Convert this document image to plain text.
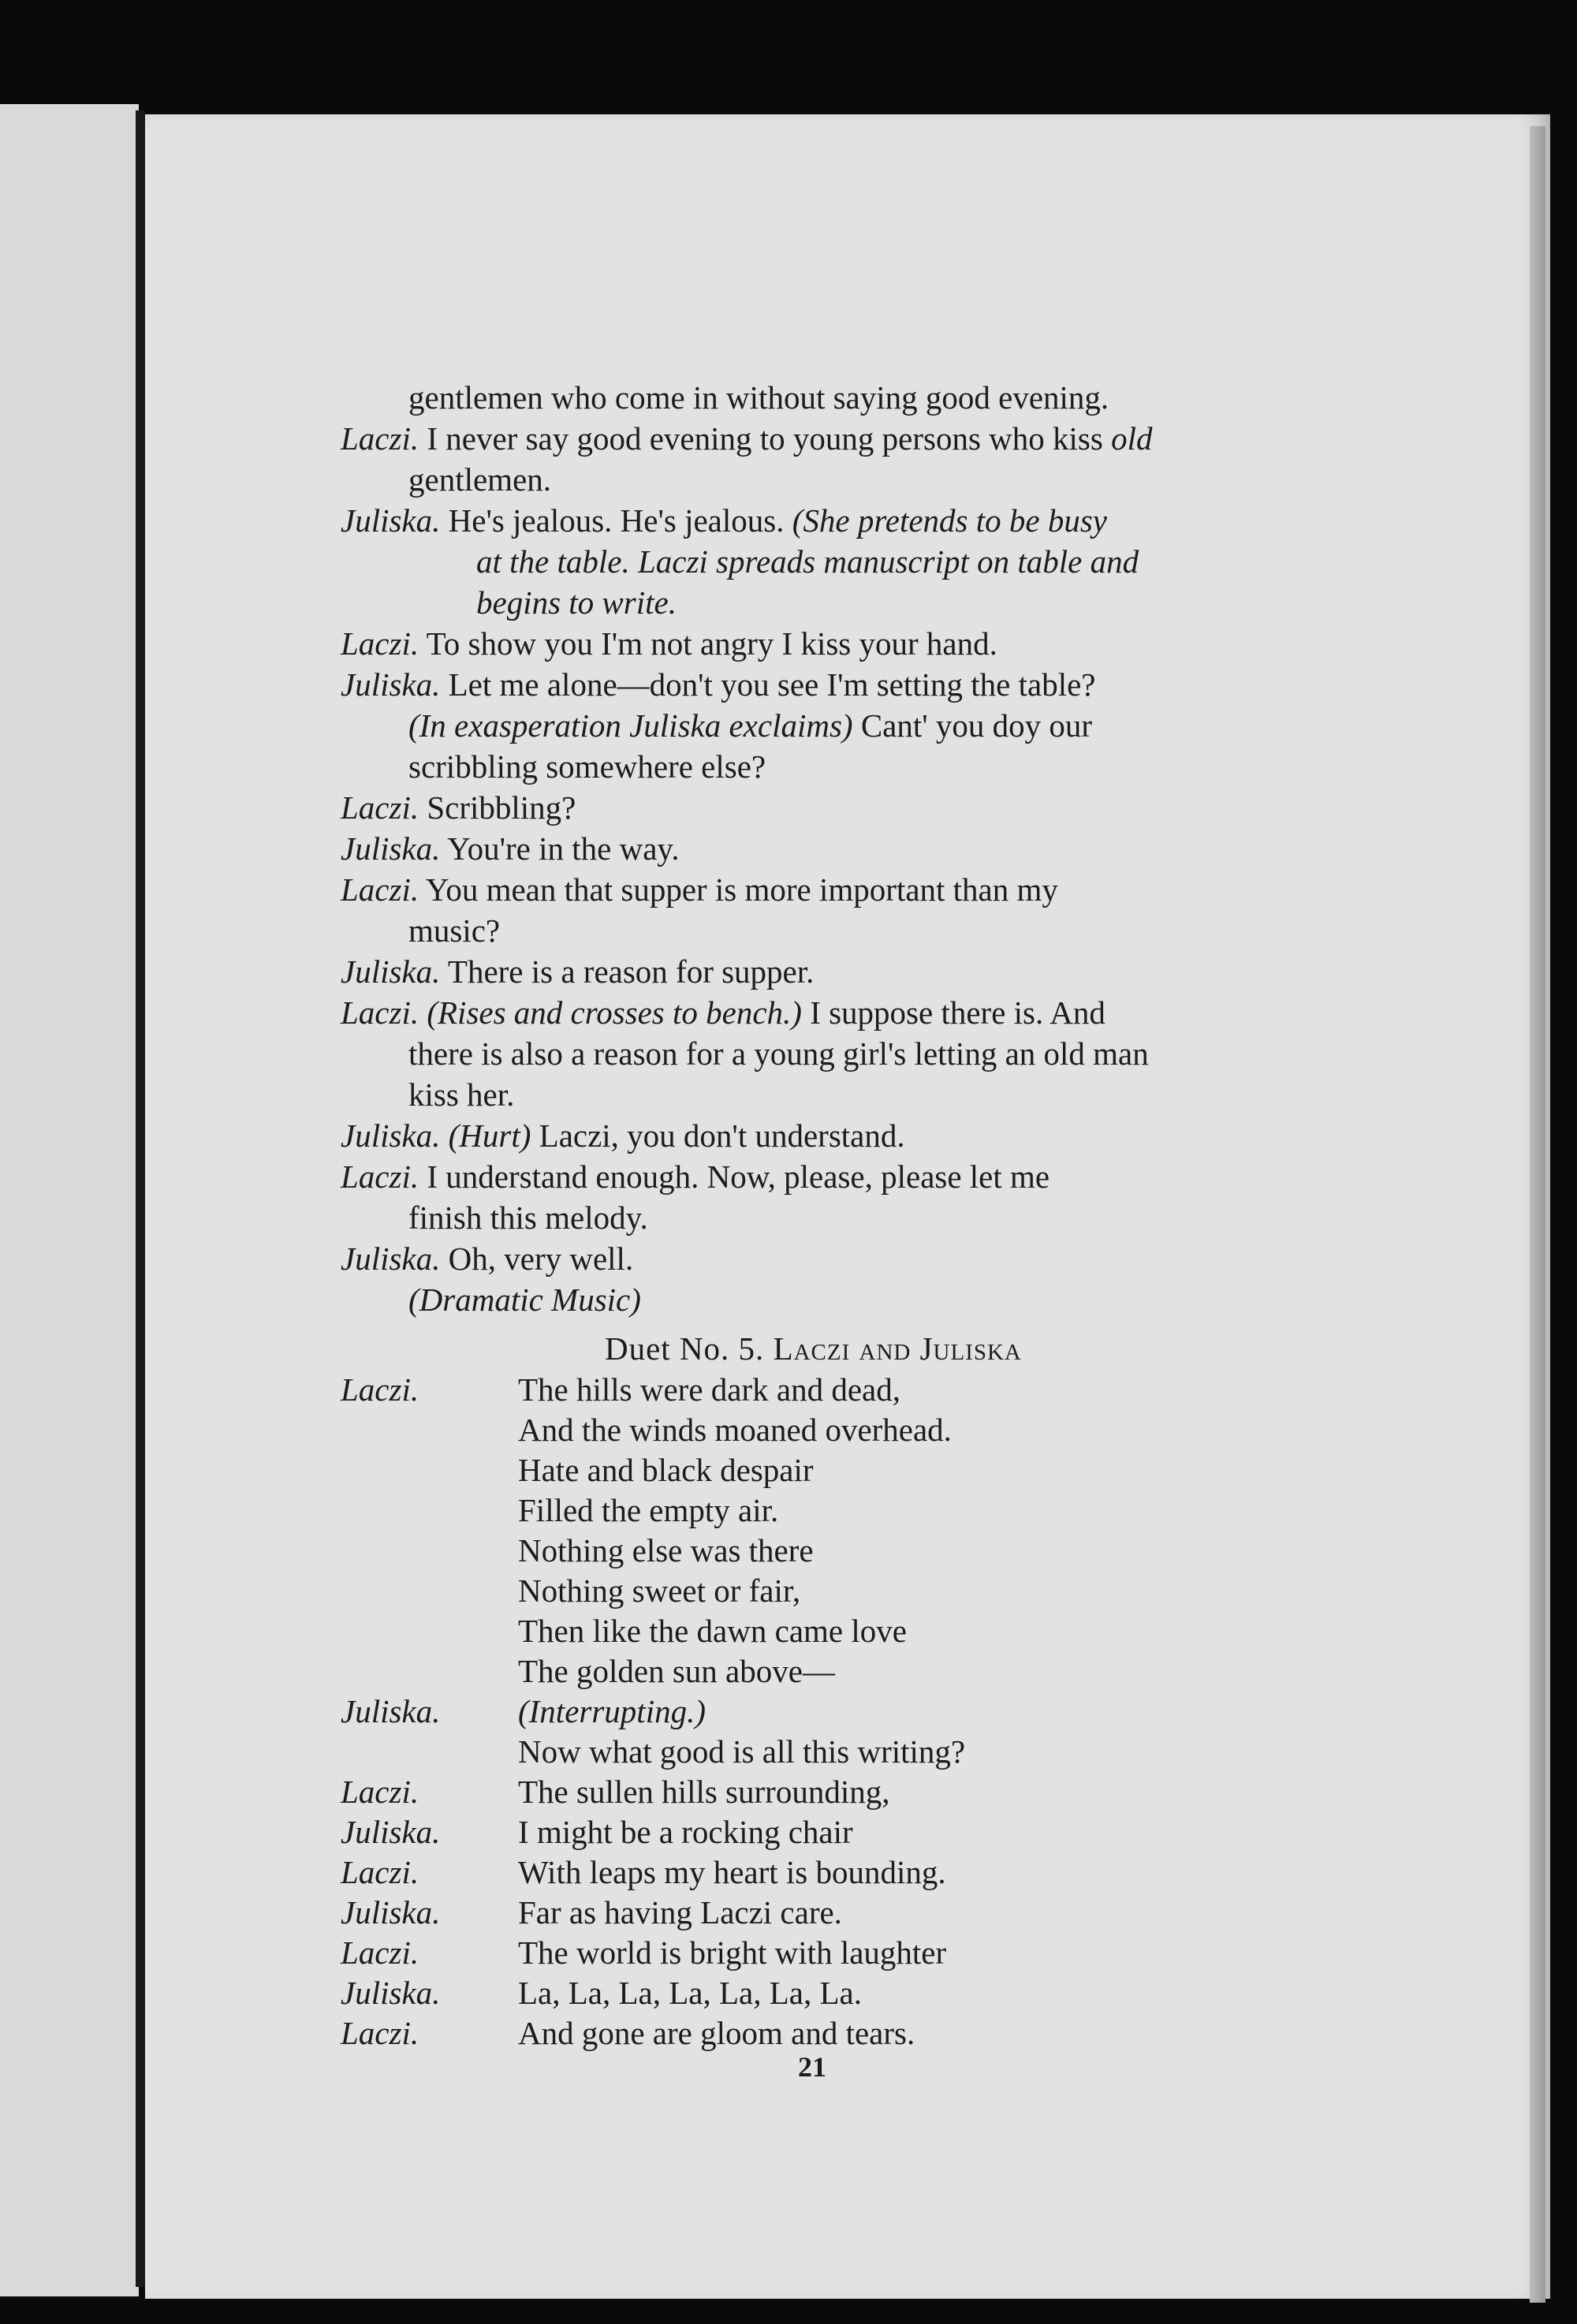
gentlemen who come in without saying good evening.
Laczi. I never say good evening to young persons who kiss old
gentlemen.
Juliska. He's jealous. He's jealous. (She pretends to be busy
at the table. Laczi spreads manuscript on table and
begins to write.
Laczi. To show you I'm not angry I kiss your hand.
Juliska. Let me alone—don't you see I'm setting the table?
(In exasperation Juliska exclaims) Cant' you doy our
scribbling somewhere else?
Laczi. Scribbling?
Juliska. You're in the way.
Laczi. You mean that supper is more important than my
music?
Juliska. There is a reason for supper.
Laczi. (Rises and crosses to bench.) I suppose there is. And
there is also a reason for a young girl's letting an old man
kiss her.
Juliska. (Hurt) Laczi, you don't understand.
Laczi. I understand enough. Now, please, please let me
finish this melody.
Juliska. Oh, very well.
(Dramatic Music)
Duet No. 5. Laczi and Juliska
Laczi.	The hills were dark and dead,
And the winds moaned overhead.
Hate and black despair
Filled the empty air.
Nothing else was there
Nothing sweet or fair,
Then like the dawn came love
The golden sun above—
Juliska.	(Interrupting.)
Now what good is all this writing?
Laczi.	The sullen hills surrounding,
Juliska.	I might be a rocking chair
Laczi.	With leaps my heart is bounding.
Juliska.	Far as having Laczi care.
Laczi.	The world is bright with laughter
Juliska.	La, La, La, La, La, La, La.
Laczi.	And gone are gloom and tears.
21
